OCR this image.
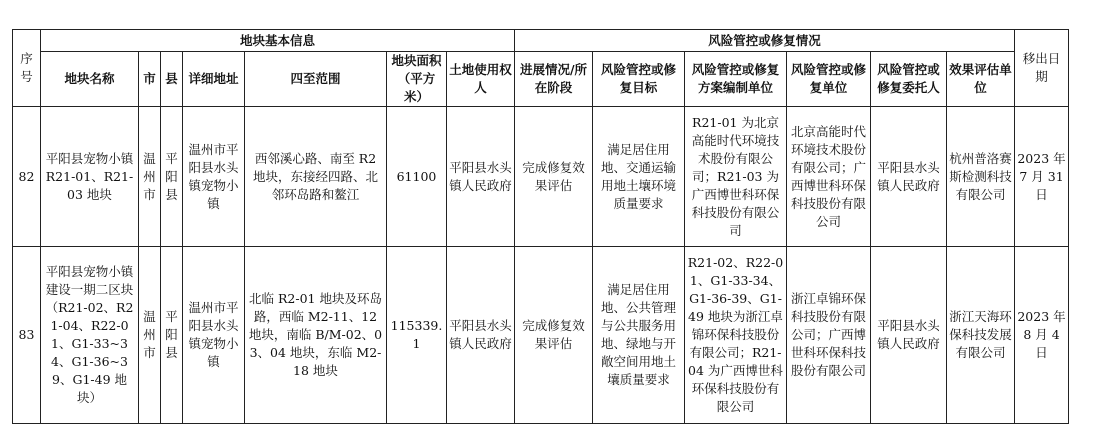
序号	地块基本信息							风险管控或修复情况						移出日期
	地块名称	市	县	详细地址	四至范围	地块面积（平方米）	土地使用权人	进展情况/所在阶段	风险管控或修复目标	风险管控或修复方案编制单位	风险管控或修复单位	风险管控或修复委托人	效果评估单位	
82	平阳县宠物小镇 R21-01、R21-03 地块	温州市	平阳县	温州市平阳县水头镇宠物小镇	西邻溪心路、南至 R2 地块，东接经四路、北邻环岛路和鳌江	61100	平阳县水头镇人民政府	完成修复效果评估	满足居住用地、交通运输用地土壤环境质量要求	R21-01 为北京高能时代环境技术股份有限公司；R21-03 为广西博世科环保科技股份有限公司	北京高能时代环境技术股份有限公司；广西博世科环保科技股份有限公司	平阳县水头镇人民政府	杭州普洛赛斯检测科技有限公司	2023 年 7 月 31 日
83	平阳县宠物小镇建设一期二区块（R21-02、R21-04、R22-01、G1-33~34、G1-36~39、G1-49 地块）	温州市	平阳县	温州市平阳县水头镇宠物小镇	北临 R2-01 地块及环岛路，西临 M2-11、12 地块，南临 B/M-02、03、04 地块，东临 M2-18 地块	115339.1	平阳县水头镇人民政府	完成修复效果评估	满足居住用地、公共管理与公共服务用地、绿地与开敞空间用地土壤质量要求	R21-02、R22-01、G1-33-34、G1-36-39、G1-49 地块为浙江卓锦环保科技股份有限公司；R21-04 为广西博世科环保科技股份有限公司	浙江卓锦环保科技股份有限公司；广西博世科环保科技股份有限公司	平阳县水头镇人民政府	浙江天海环保科技发展有限公司	2023 年 8 月 4 日
